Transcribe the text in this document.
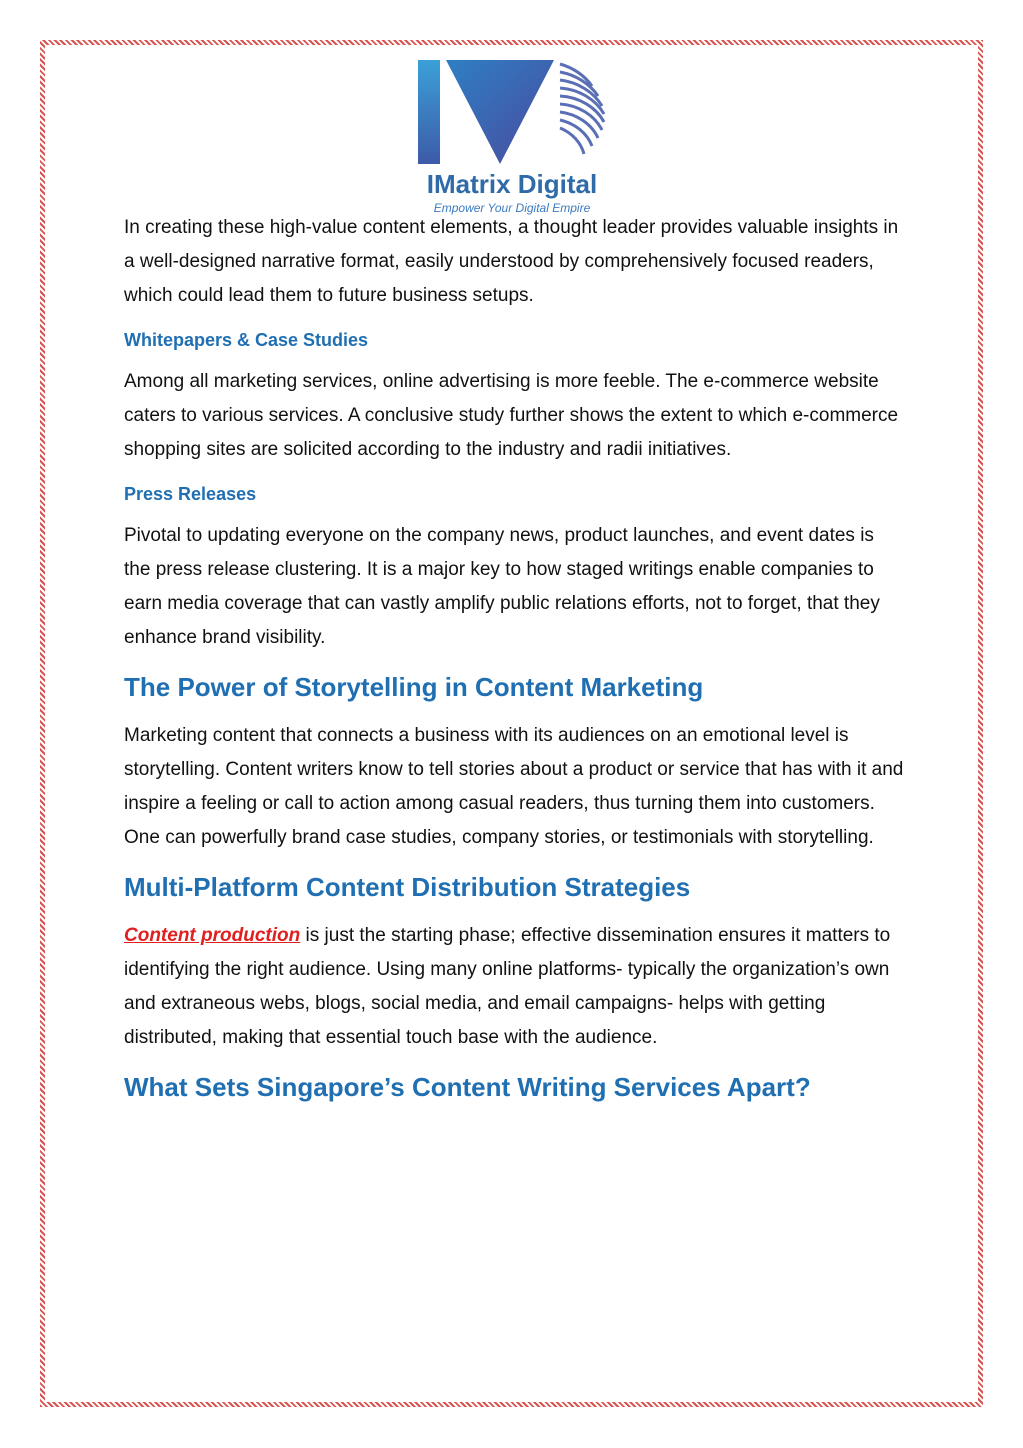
IMatrix Digital
Empower Your Digital Empire

In creating these high-value content elements, a thought leader provides valuable insights in a well-designed narrative format, easily understood by comprehensively focused readers, which could lead them to future business setups.

Whitepapers & Case Studies

Among all marketing services, online advertising is more feeble. The e-commerce website caters to various services. A conclusive study further shows the extent to which e-commerce shopping sites are solicited according to the industry and radii initiatives.

Press Releases

Pivotal to updating everyone on the company news, product launches, and event dates is the press release clustering. It is a major key to how staged writings enable companies to earn media coverage that can vastly amplify public relations efforts, not to forget, that they enhance brand visibility.

The Power of Storytelling in Content Marketing

Marketing content that connects a business with its audiences on an emotional level is storytelling. Content writers know to tell stories about a product or service that has with it and inspire a feeling or call to action among casual readers, thus turning them into customers. One can powerfully brand case studies, company stories, or testimonials with storytelling.

Multi-Platform Content Distribution Strategies

Content production is just the starting phase; effective dissemination ensures it matters to identifying the right audience. Using many online platforms- typically the organization’s own and extraneous webs, blogs, social media, and email campaigns- helps with getting distributed, making that essential touch base with the audience.

What Sets Singapore’s Content Writing Services Apart?
